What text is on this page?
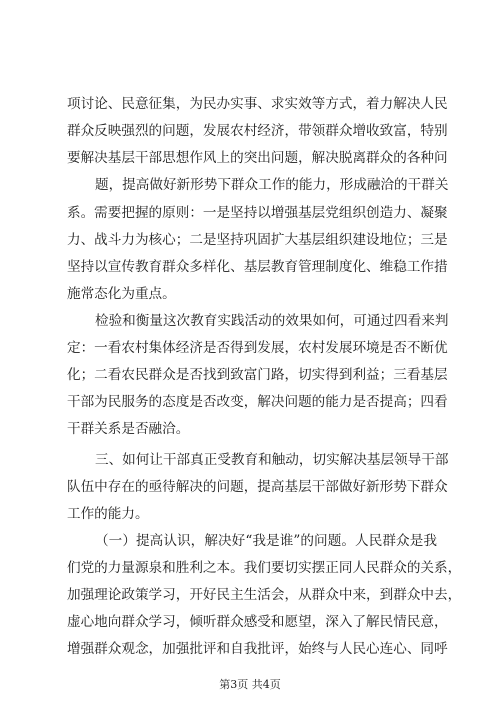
项讨论、民意征集，为民办实事、求实效等方式，着力解决人民
群众反映强烈的问题，发展农村经济，带领群众增收致富，特别
要解决基层干部思想作风上的突出问题，解决脱离群众的各种问
题，提高做好新形势下群众工作的能力，形成融洽的干群关
系。需要把握的原则：一是坚持以增强基层党组织创造力、凝聚
力、战斗力为核心；二是坚持巩固扩大基层组织建设地位；三是
坚持以宣传教育群众多样化、基层教育管理制度化、维稳工作措
施常态化为重点。
检验和衡量这次教育实践活动的效果如何，可通过四看来判
定：一看农村集体经济是否得到发展，农村发展环境是否不断优
化；二看农民群众是否找到致富门路，切实得到利益；三看基层
干部为民服务的态度是否改变，解决问题的能力是否提高；四看
干群关系是否融洽。
三、如何让干部真正受教育和触动，切实解决基层领导干部
队伍中存在的亟待解决的问题，提高基层干部做好新形势下群众
工作的能力。
（一）提高认识，解决好“我是谁”的问题。人民群众是我
们党的力量源泉和胜利之本。我们要切实摆正同人民群众的关系，
加强理论政策学习，开好民主生活会，从群众中来，到群众中去，
虚心地向群众学习，倾听群众感受和愿望，深入了解民情民意，
增强群众观念，加强批评和自我批评，始终与人民心连心、同呼
第3页 共4页
